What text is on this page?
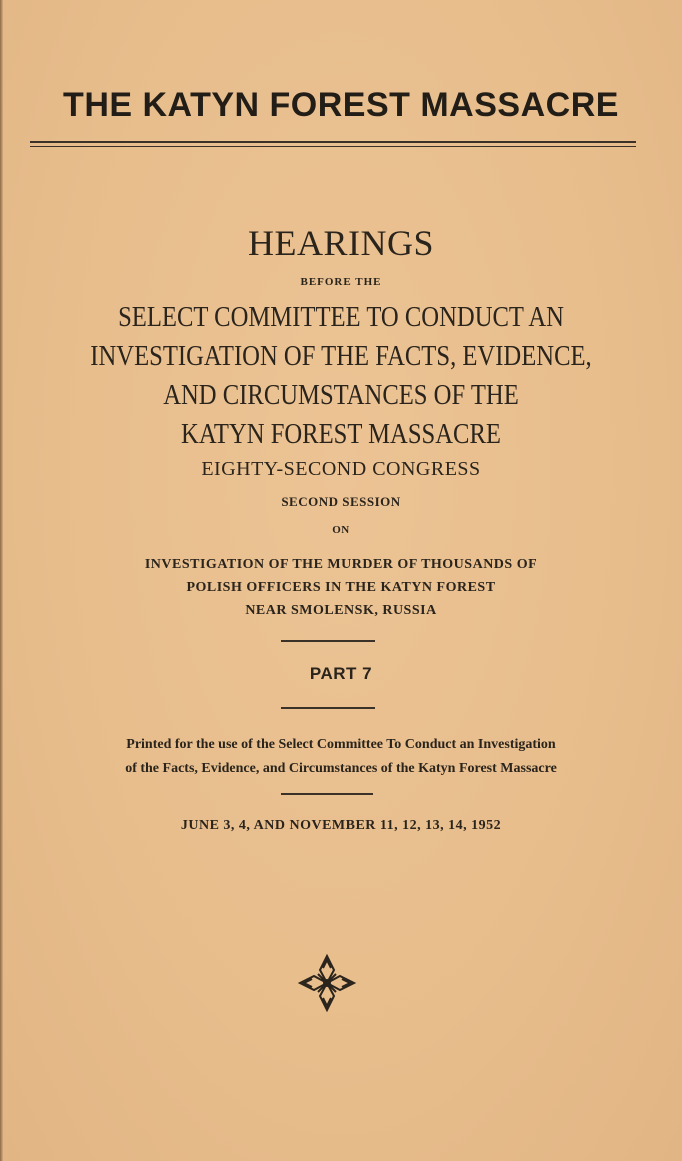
THE KATYN FOREST MASSACRE
HEARINGS
BEFORE THE
SELECT COMMITTEE TO CONDUCT AN
INVESTIGATION OF THE FACTS, EVIDENCE,
AND CIRCUMSTANCES OF THE
KATYN FOREST MASSACRE
EIGHTY-SECOND CONGRESS
SECOND SESSION
ON
INVESTIGATION OF THE MURDER OF THOUSANDS OF
POLISH OFFICERS IN THE KATYN FOREST
NEAR SMOLENSK, RUSSIA
PART 7
Printed for the use of the Select Committee To Conduct an Investigation
of the Facts, Evidence, and Circumstances of the Katyn Forest Massacre
JUNE 3, 4, AND NOVEMBER 11, 12, 13, 14, 1952
